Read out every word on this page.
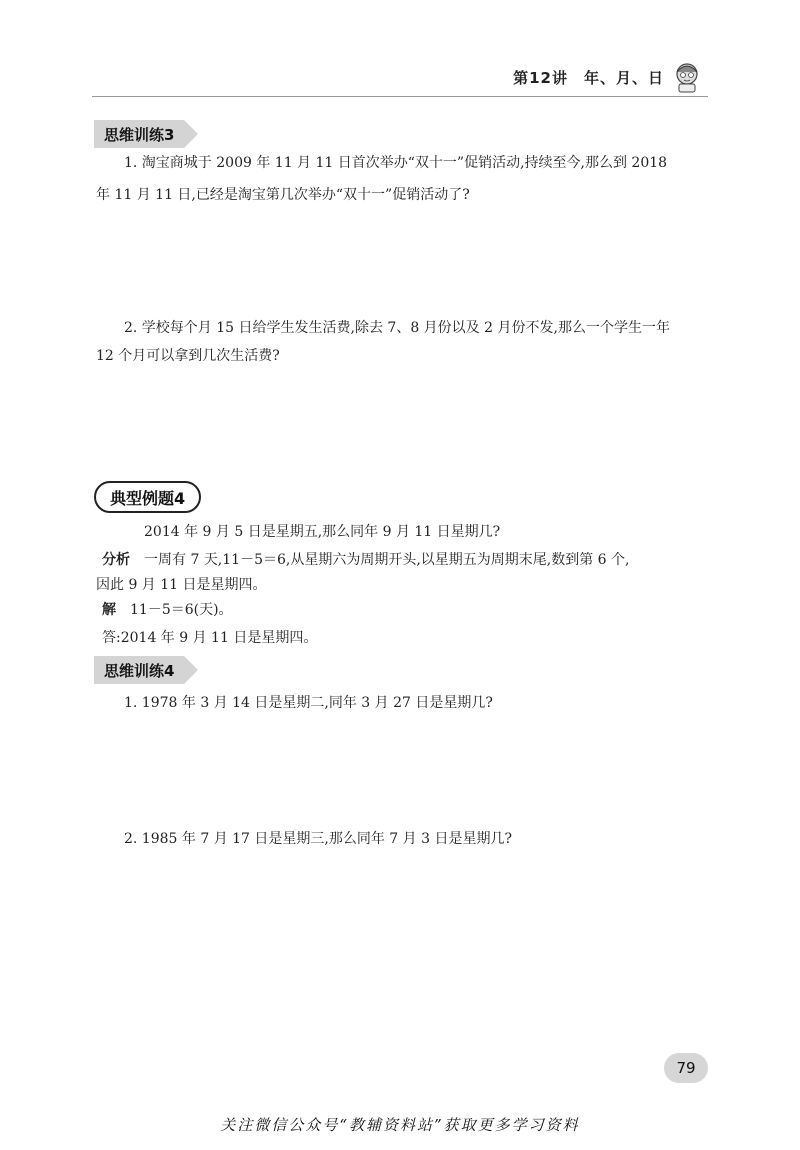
第12讲　年、月、日
思维训练3
1. 淘宝商城于 2009 年 11 月 11 日首次举办“双十一”促销活动,持续至今,那么到 2018
年 11 月 11 日,已经是淘宝第几次举办“双十一”促销活动了?
2. 学校每个月 15 日给学生发生活费,除去 7、8 月份以及 2 月份不发,那么一个学生一年
12 个月可以拿到几次生活费?
典型例题4
2014 年 9 月 5 日是星期五,那么同年 9 月 11 日星期几?
分析 一周有 7 天,11－5＝6,从星期六为周期开头,以星期五为周期末尾,数到第 6 个,
因此 9 月 11 日是星期四。
解 11－5＝6(天)。
答:2014 年 9 月 11 日是星期四。
思维训练4
1. 1978 年 3 月 14 日是星期二,同年 3 月 27 日是星期几?
2. 1985 年 7 月 17 日是星期三,那么同年 7 月 3 日是星期几?
79
关注微信公众号“教辅资料站”获取更多学习资料
